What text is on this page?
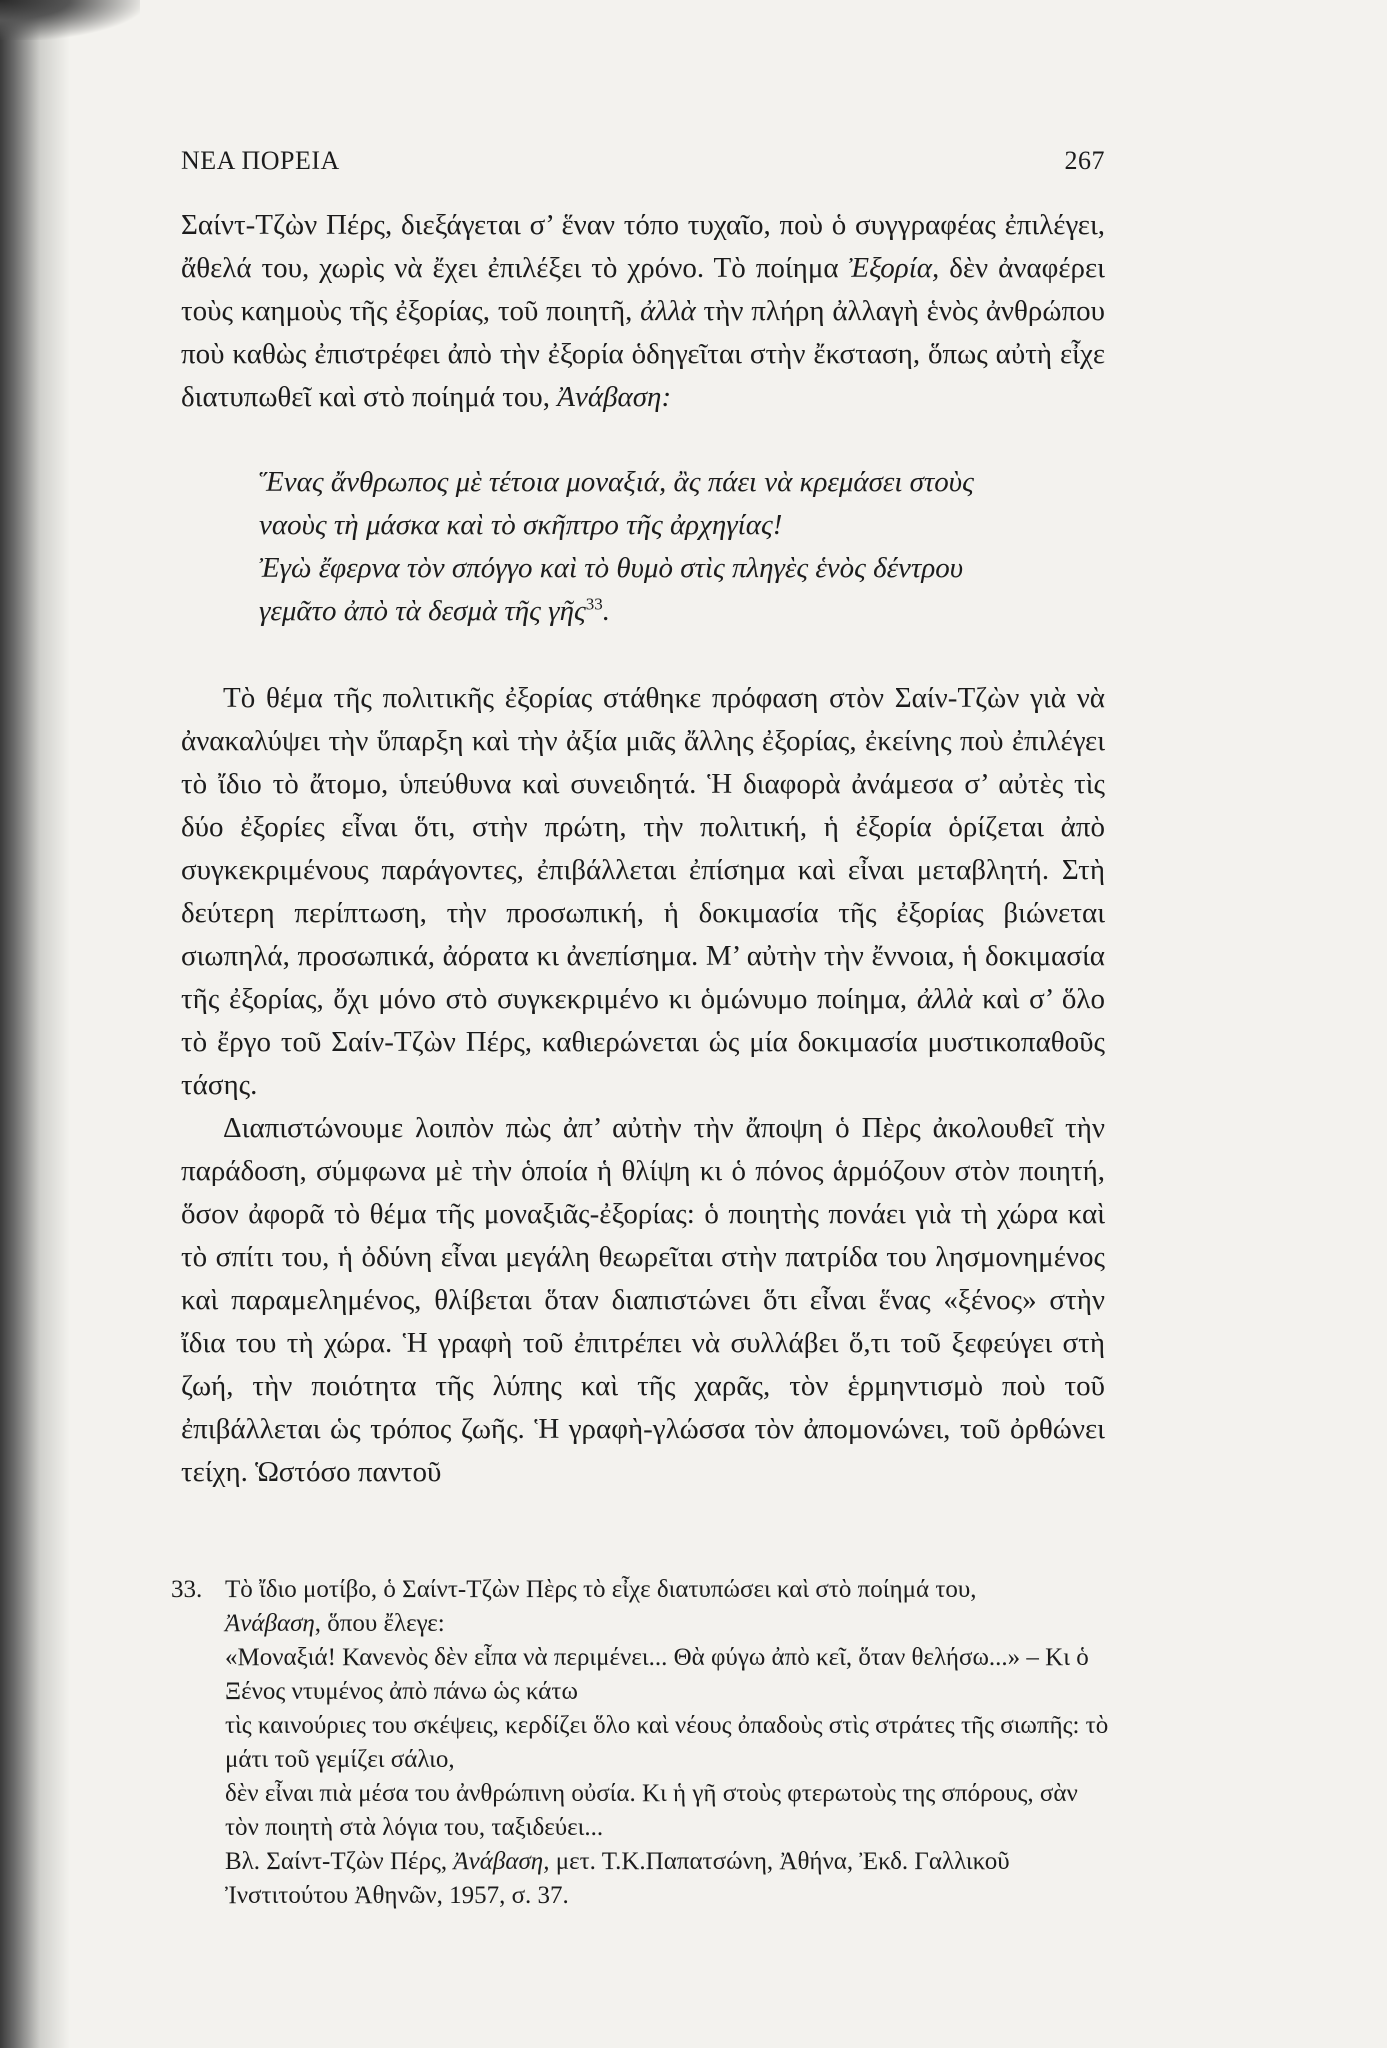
ΝΕΑ ΠΟΡΕΙΑ	267

Σαίντ-Τζὼν Πέρς, διεξάγεται σ’ ἕναν τόπο τυχαῖο, ποὺ ὁ συγγραφέας ἐπιλέγει, ἄθελά του, χωρὶς νὰ ἔχει ἐπιλέξει τὸ χρόνο. Τὸ ποίημα Ἐξορία, δὲν ἀναφέρει τοὺς καημοὺς τῆς ἐξορίας, τοῦ ποιητῆ, ἀλλὰ τὴν πλήρη ἀλλαγὴ ἑνὸς ἀνθρώπου ποὺ καθὼς ἐπιστρέφει ἀπὸ τὴν ἐξορία ὁδηγεῖται στὴν ἔκσταση, ὅπως αὐτὴ εἶχε διατυπωθεῖ καὶ στὸ ποίημά του, Ἀνάβαση:

Ἕνας ἄνθρωπος μὲ τέτοια μοναξιά, ἂς πάει νὰ κρεμάσει στοὺς
ναοὺς τὴ μάσκα καὶ τὸ σκῆπτρο τῆς ἀρχηγίας!
Ἐγὼ ἔφερνα τὸν σπόγγο καὶ τὸ θυμὸ στὶς πληγὲς ἑνὸς δέντρου
γεμᾶτο ἀπὸ τὰ δεσμὰ τῆς γῆς$^{33}$.

Τὸ θέμα τῆς πολιτικῆς ἐξορίας στάθηκε πρόφαση στὸν Σαίν-Τζὼν γιὰ νὰ ἀνακαλύψει τὴν ὕπαρξη καὶ τὴν ἀξία μιᾶς ἄλλης ἐξορίας, ἐκείνης ποὺ ἐπιλέγει τὸ ἴδιο τὸ ἄτομο, ὑπεύθυνα καὶ συνειδητά. Ἡ διαφορὰ ἀνάμεσα σ’ αὐτὲς τὶς δύο ἐξορίες εἶναι ὅτι, στὴν πρώτη, τὴν πολιτική, ἡ ἐξορία ὁρίζεται ἀπὸ συγκεκριμένους παράγοντες, ἐπιβάλλεται ἐπίσημα καὶ εἶναι μεταβλητή. Στὴ δεύτερη περίπτωση, τὴν προσωπική, ἡ δοκιμασία τῆς ἐξορίας βιώνεται σιωπηλά, προσωπικά, ἀόρατα κι ἀνεπίσημα. Μ’ αὐτὴν τὴν ἔννοια, ἡ δοκιμασία τῆς ἐξορίας, ὄχι μόνο στὸ συγκεκριμένο κι ὁμώνυμο ποίημα, ἀλλὰ καὶ σ’ ὅλο τὸ ἔργο τοῦ Σαίν-Τζὼν Πέρς, καθιερώνεται ὡς μία δοκιμασία μυστικοπαθοῦς τάσης.

Διαπιστώνουμε λοιπὸν πὼς ἀπ’ αὐτὴν τὴν ἄποψη ὁ Πὲρς ἀκολουθεῖ τὴν παράδοση, σύμφωνα μὲ τὴν ὁποία ἡ θλίψη κι ὁ πόνος ἁρμόζουν στὸν ποιητή, ὅσον ἀφορᾶ τὸ θέμα τῆς μοναξιᾶς-ἐξορίας: ὁ ποιητὴς πονάει γιὰ τὴ χώρα καὶ τὸ σπίτι του, ἡ ὀδύνη εἶναι μεγάλη θεωρεῖται στὴν πατρίδα του λησμονημένος καὶ παραμελημένος, θλίβεται ὅταν διαπιστώνει ὅτι εἶναι ἕνας «ξένος» στὴν ἴδια του τὴ χώρα. Ἡ γραφὴ τοῦ ἐπιτρέπει νὰ συλλάβει ὅ,τι τοῦ ξεφεύγει στὴ ζωή, τὴν ποιότητα τῆς λύπης καὶ τῆς χαρᾶς, τὸν ἑρμηντισμὸ ποὺ τοῦ ἐπιβάλλεται ὡς τρόπος ζωῆς. Ἡ γραφὴ-γλώσσα τὸν ἀπομονώνει, τοῦ ὀρθώνει τείχη. Ὡστόσο παντοῦ

33. Τὸ ἴδιο μοτίβο, ὁ Σαίντ-Τζὼν Πὲρς τὸ εἶχε διατυπώσει καὶ στὸ ποίημά του,
Ἀνάβαση, ὅπου ἔλεγε:
«Μοναξιά! Κανενὸς δὲν εἶπα νὰ περιμένει... Θὰ φύγω ἀπὸ κεῖ, ὅταν θελήσω...» – Κι ὁ Ξένος ντυμένος ἀπὸ πάνω ὡς κάτω
τὶς καινούριες του σκέψεις, κερδίζει ὅλο καὶ νέους ὀπαδοὺς στὶς στράτες τῆς σιωπῆς: τὸ μάτι τοῦ γεμίζει σάλιο,
δὲν εἶναι πιὰ μέσα του ἀνθρώπινη οὐσία. Κι ἡ γῆ στοὺς φτερωτοὺς της σπόρους, σὰν τὸν ποιητὴ στὰ λόγια του, ταξιδεύει...
Βλ. Σαίντ-Τζὼν Πέρς, Ἀνάβαση, μετ. Τ.Κ.Παπατσώνη, Ἀθήνα, Ἐκδ. Γαλλικοῦ Ἰνστιτούτου Ἀθηνῶν, 1957, σ. 37.
